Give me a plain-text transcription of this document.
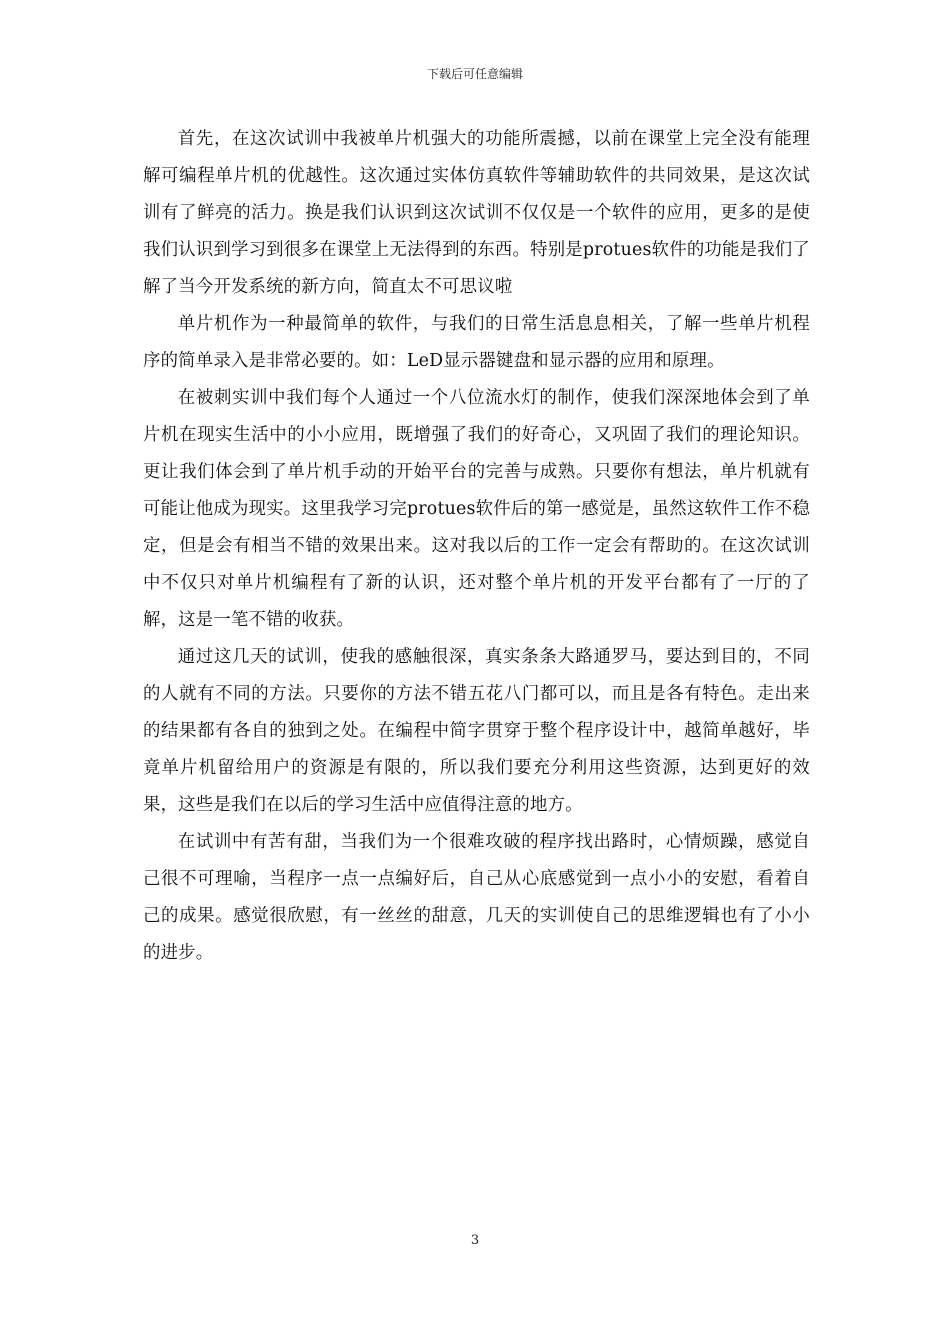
下载后可任意编辑

首先，在这次试训中我被单片机强大的功能所震撼，以前在课堂上完全没有能理解可编程单片机的优越性。这次通过实体仿真软件等辅助软件的共同效果，是这次试训有了鲜亮的活力。换是我们认识到这次试训不仅仅是一个软件的应用，更多的是使我们认识到学习到很多在课堂上无法得到的东西。特别是protues软件的功能是我们了解了当今开发系统的新方向，简直太不可思议啦

单片机作为一种最简单的软件，与我们的日常生活息息相关，了解一些单片机程序的简单录入是非常必要的。如：LeD显示器键盘和显示器的应用和原理。

在被刺实训中我们每个人通过一个八位流水灯的制作，使我们深深地体会到了单片机在现实生活中的小小应用，既增强了我们的好奇心，又巩固了我们的理论知识。更让我们体会到了单片机手动的开始平台的完善与成熟。只要你有想法，单片机就有可能让他成为现实。这里我学习完protues软件后的第一感觉是，虽然这软件工作不稳定，但是会有相当不错的效果出来。这对我以后的工作一定会有帮助的。在这次试训中不仅只对单片机编程有了新的认识，还对整个单片机的开发平台都有了一厅的了解，这是一笔不错的收获。

通过这几天的试训，使我的感触很深，真实条条大路通罗马，要达到目的，不同的人就有不同的方法。只要你的方法不错五花八门都可以，而且是各有特色。走出来的结果都有各自的独到之处。在编程中简字贯穿于整个程序设计中，越简单越好，毕竟单片机留给用户的资源是有限的，所以我们要充分利用这些资源，达到更好的效果，这些是我们在以后的学习生活中应值得注意的地方。

在试训中有苦有甜，当我们为一个很难攻破的程序找出路时，心情烦躁，感觉自己很不可理喻，当程序一点一点编好后，自己从心底感觉到一点小小的安慰，看着自己的成果。感觉很欣慰，有一丝丝的甜意，几天的实训使自己的思维逻辑也有了小小的进步。

3
